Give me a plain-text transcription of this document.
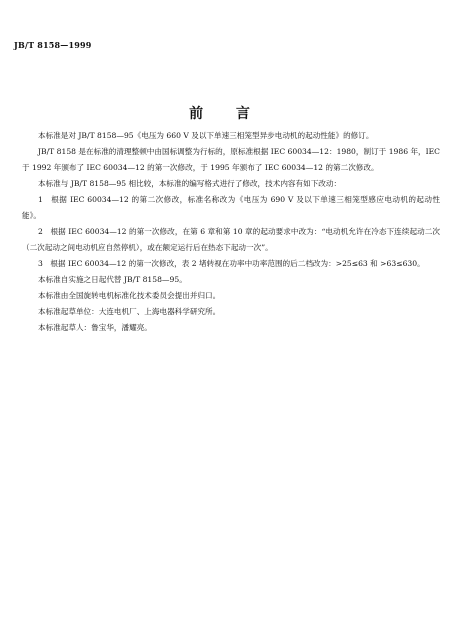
JB/T 8158—1999
前 言

本标准是对 JB/T 8158—95《电压为 660 V 及以下单速三相笼型异步电动机的起动性能》的修订。

JB/T 8158 是在标准的清理整顿中由国标调整为行标的，原标准根据 IEC 60034—12：1980，制订于 1986 年，IEC 于 1992 年颁布了 IEC 60034—12 的第一次修改，于 1995 年颁布了 IEC 60034—12 的第二次修改。

本标准与 JB/T 8158—95 相比较，本标准的编写格式进行了修改，技术内容有如下改动：

1　根据 IEC 60034—12 的第二次修改，标准名称改为《电压为 690 V 及以下单速三相笼型感应电动机的起动性能》。

2　根据 IEC 60034—12 的第一次修改，在第 6 章和第 10 章的起动要求中改为：“电动机允许在冷态下连续起动二次（二次起动之间电动机应自然停机），或在额定运行后在热态下起动一次”。

3　根据 IEC 60034—12 的第一次修改，表 2 堵转视在功率中功率范围的后二档改为：>25≤63 和 >63≤630。

本标准自实施之日起代替 JB/T 8158—95。

本标准由全国旋转电机标准化技术委员会提出并归口。

本标准起草单位：大连电机厂、上海电器科学研究所。

本标准起草人：鲁宝华，潘耀亮。
